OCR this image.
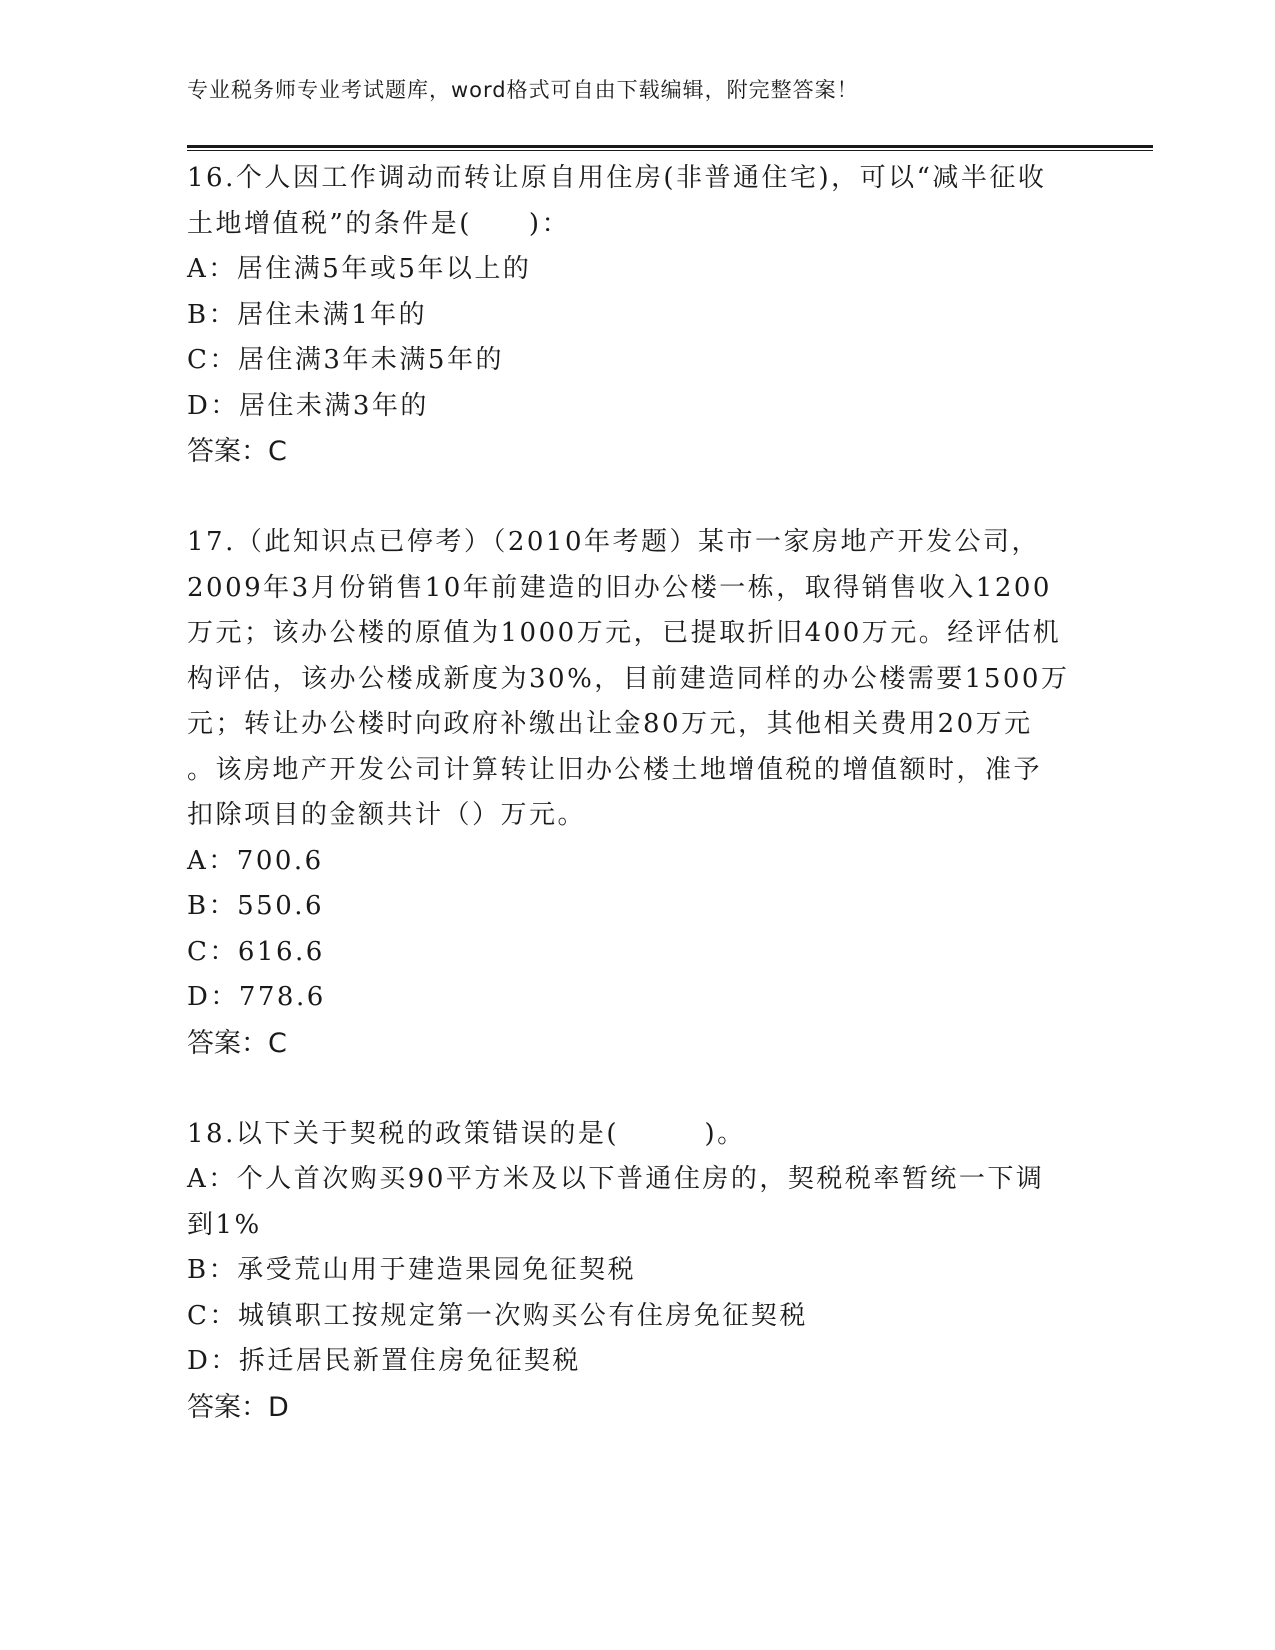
专业税务师专业考试题库，word格式可自由下载编辑，附完整答案！
16.个人因工作调动而转让原自用住房(非普通住宅)，可以“减半征收
土地增值税”的条件是(　　)：
A：居住满5年或5年以上的
B：居住未满1年的
C：居住满3年未满5年的
D：居住未满3年的
答案：C
17.（此知识点已停考）（2010年考题）某市一家房地产开发公司，
2009年3月份销售10年前建造的旧办公楼一栋，取得销售收入1200
万元；该办公楼的原值为1000万元，已提取折旧400万元。经评估机
构评估，该办公楼成新度为30%，目前建造同样的办公楼需要1500万
元；转让办公楼时向政府补缴出让金80万元，其他相关费用20万元
。该房地产开发公司计算转让旧办公楼土地增值税的增值额时，准予
扣除项目的金额共计（）万元。
A：700.6
B：550.6
C：616.6
D：778.6
答案：C
18.以下关于契税的政策错误的是(　　　)。
A：个人首次购买90平方米及以下普通住房的，契税税率暂统一下调
到1%
B：承受荒山用于建造果园免征契税
C：城镇职工按规定第一次购买公有住房免征契税
D：拆迁居民新置住房免征契税
答案：D
